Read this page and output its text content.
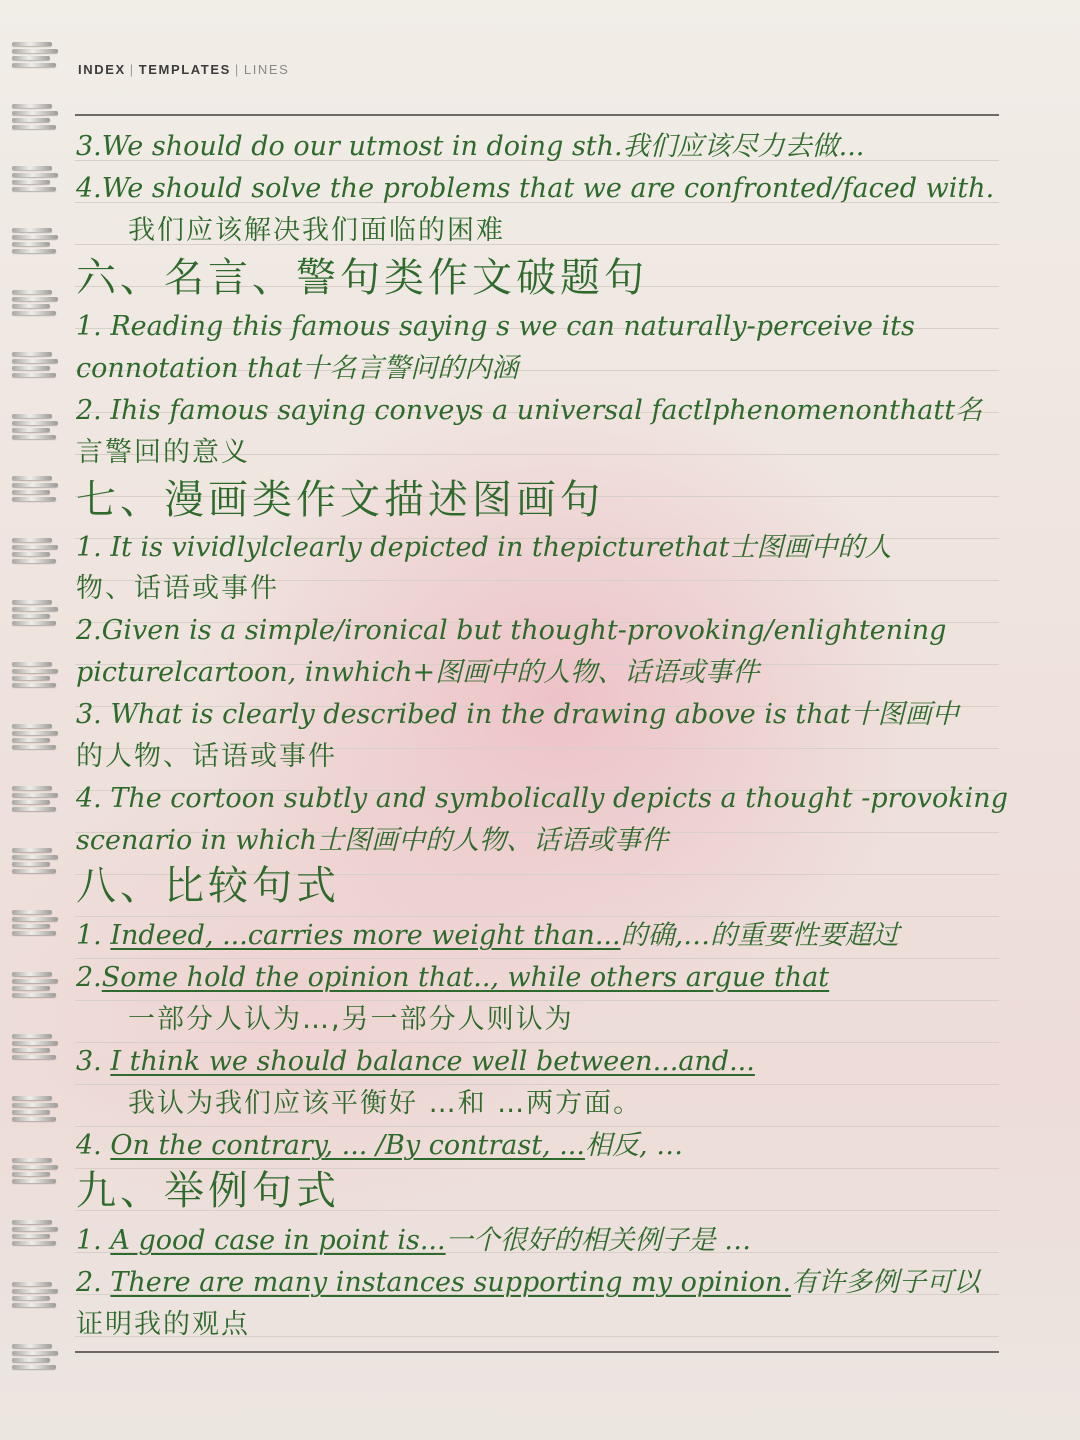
INDEX | TEMPLATES | LINES
3.We should do our utmost in doing sth.我们应该尽力去做...
4.We should solve the problems that we are confronted/faced with.
我们应该解决我们面临的困难
六、名言、警句类作文破题句
1. Reading this famous saying s we can naturally-perceive its
connotation that十名言警问的内涵
2. Ihis famous saying conveys a universal factlphenomenonthatt名
言警回的意义
七、漫画类作文描述图画句
1. It is vividlylclearly depicted in thepicturethat士图画中的人
物、话语或事件
2.Given is a simple/ironical but thought-provoking/enlightening
picturelcartoon, inwhich+图画中的人物、话语或事件
3. What is clearly described in the drawing above is that十图画中
的人物、话语或事件
4. The cortoon subtly and symbolically depicts a thought -provoking
scenario in which士图画中的人物、话语或事件
八、比较句式
1. Indeed, ...carries more weight than...的确,…的重要性要超过
2.Some hold the opinion that.., while others argue that
一部分人认为…,另一部分人则认为
3. I think we should balance well between...and...
我认为我们应该平衡好 …和 …两方面。
4. On the contrary, ... /By contrast, ...相反, …
九、举例句式
1. A good case in point is...一个很好的相关例子是 …
2. There are many instances supporting my opinion.有许多例子可以
证明我的观点
